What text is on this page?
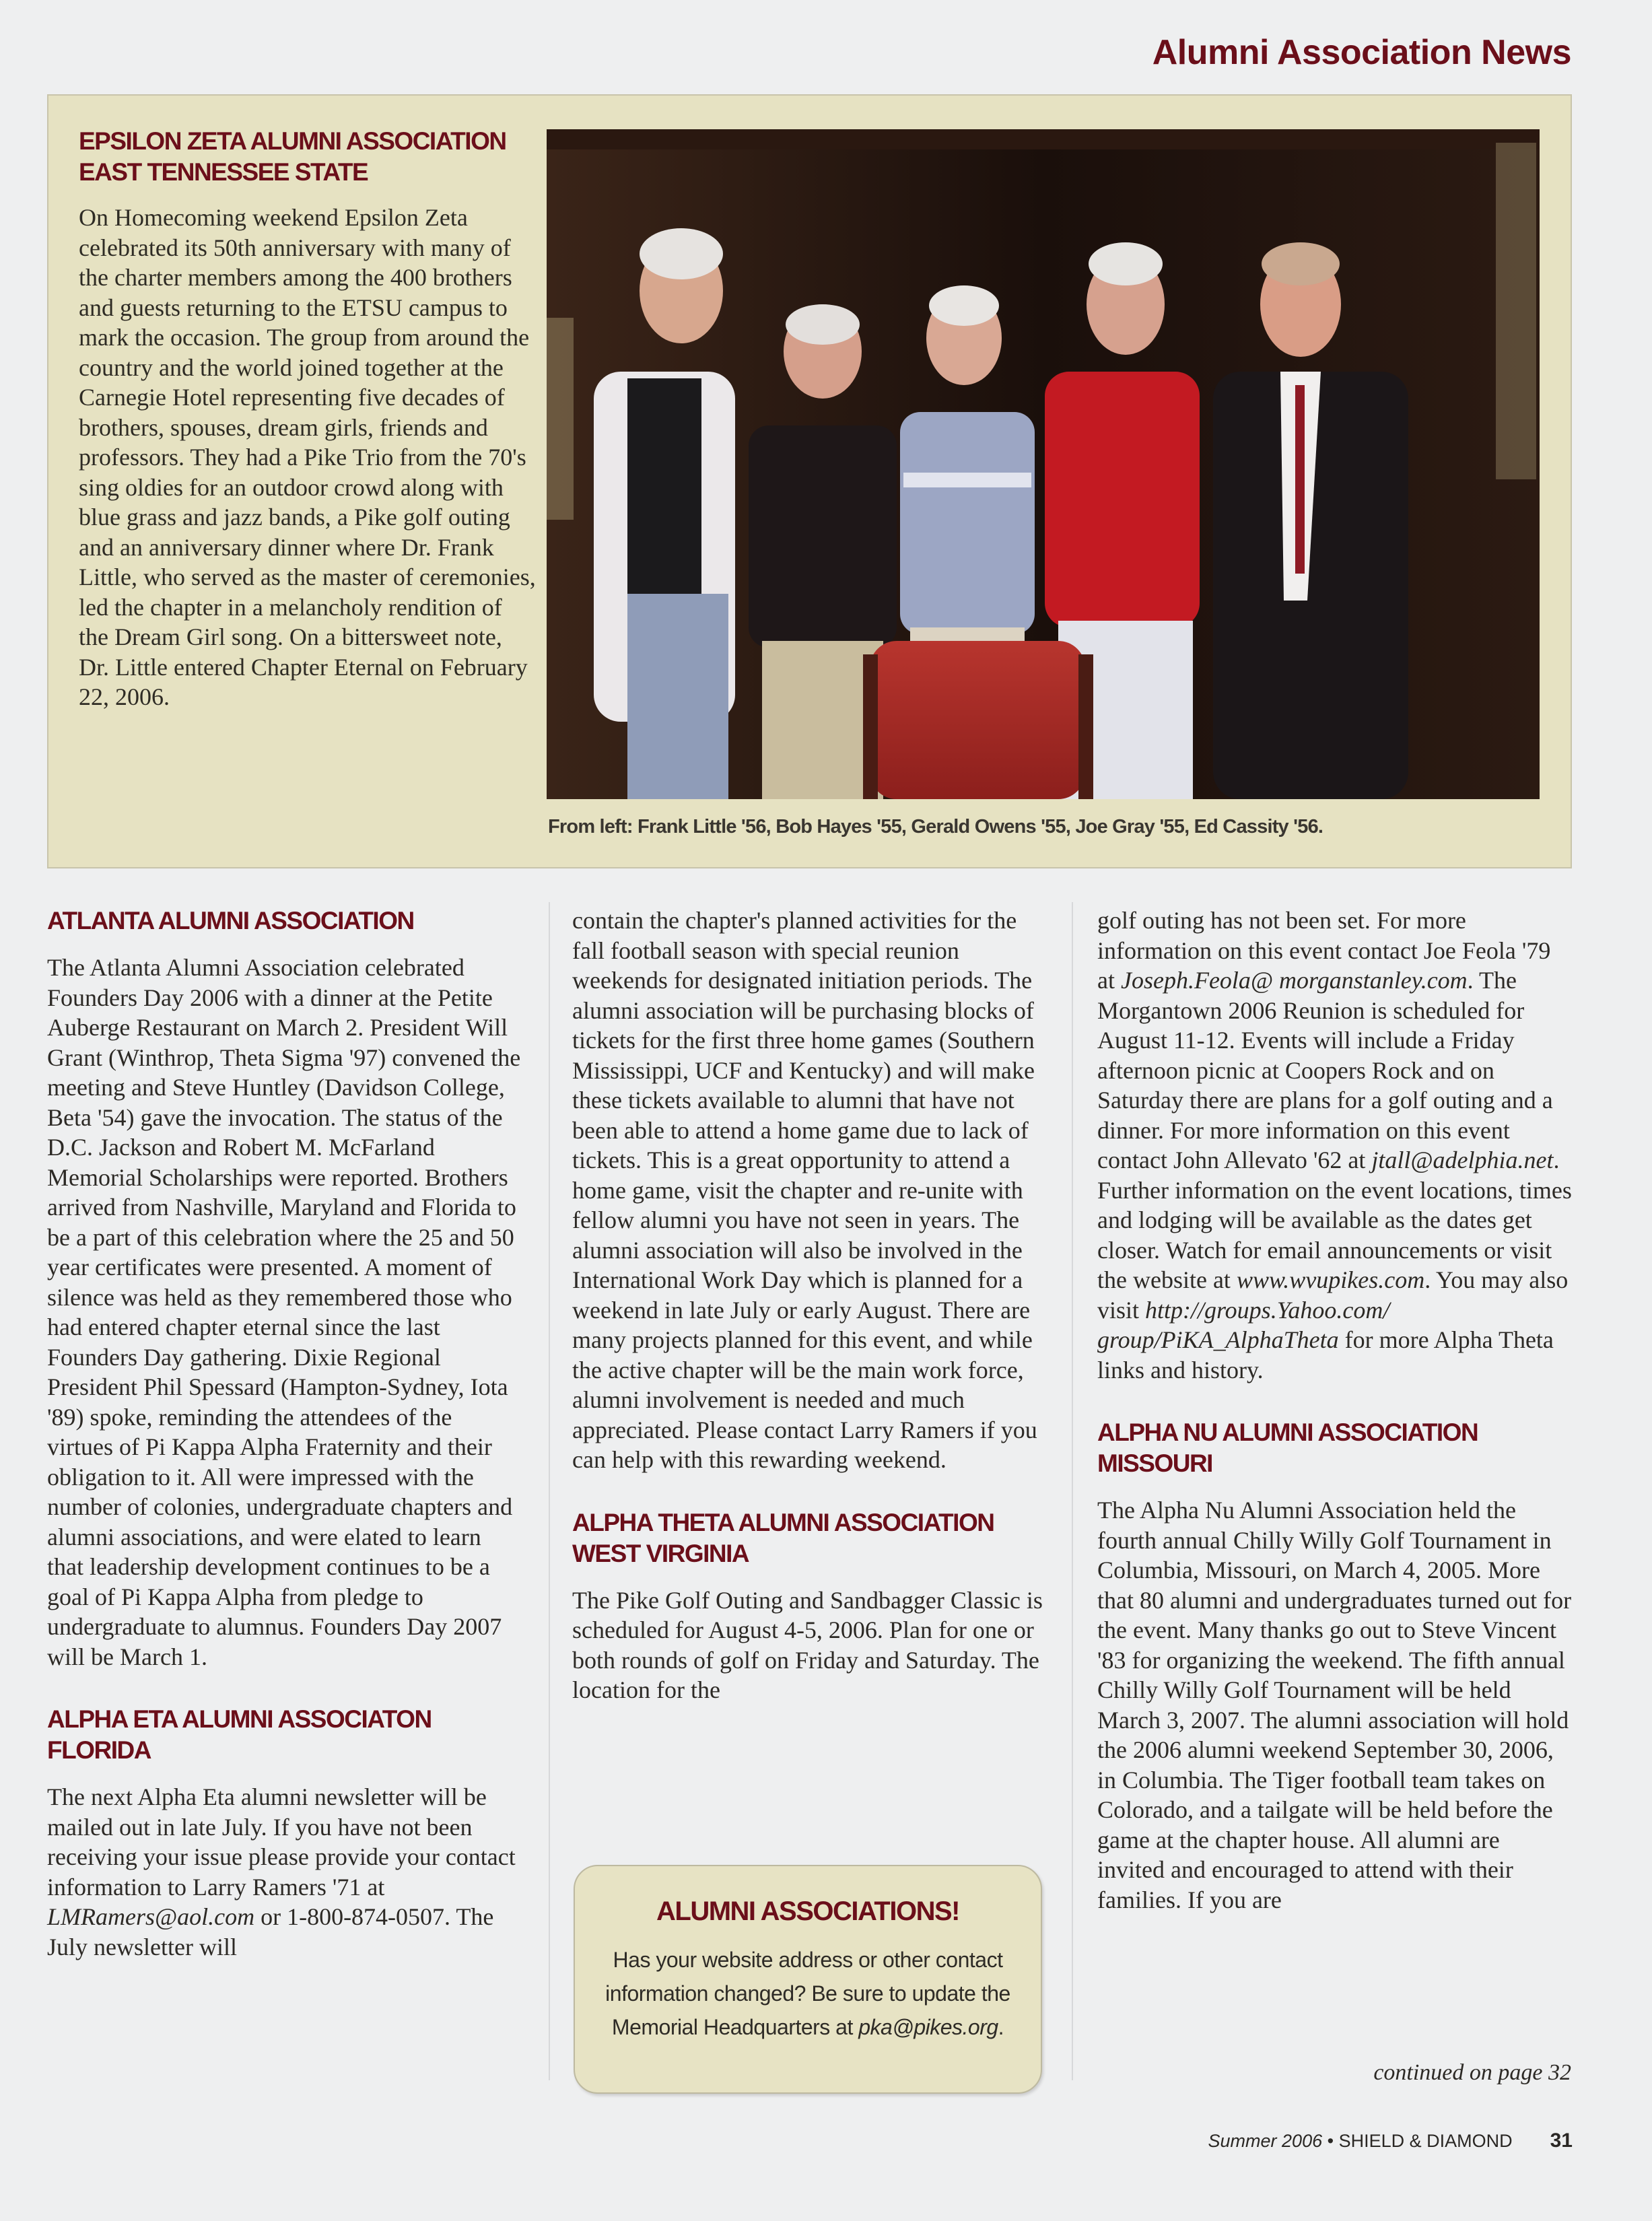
Alumni Association News
EPSILON ZETA ALUMNI ASSOCIATION
EAST TENNESSEE STATE
On Homecoming weekend Epsilon Zeta celebrated its 50th anniversary with many of the charter members among the 400 brothers and guests returning to the ETSU campus to mark the occasion. The group from around the country and the world joined together at the Carnegie Hotel representing five decades of brothers, spouses, dream girls, friends and professors. They had a Pike Trio from the 70's sing oldies for an outdoor crowd along with blue grass and jazz bands, a Pike golf outing and an anniversary dinner where Dr. Frank Little, who served as the master of ceremonies, led the chapter in a melancholy rendition of the Dream Girl song. On a bittersweet note, Dr. Little entered Chapter Eternal on February 22, 2006.
From left: Frank Little '56, Bob Hayes '55, Gerald Owens '55, Joe Gray '55, Ed Cassity '56.
ATLANTA ALUMNI ASSOCIATION
The Atlanta Alumni Association celebrated Founders Day 2006 with a dinner at the Petite Auberge Restaurant on March 2. President Will Grant (Winthrop, Theta Sigma '97) convened the meeting and Steve Huntley (Davidson College, Beta '54) gave the invocation. The status of the D.C. Jackson and Robert M. McFarland Memorial Scholarships were reported. Brothers arrived from Nashville, Maryland and Florida to be a part of this celebration where the 25 and 50 year certificates were presented. A moment of silence was held as they remembered those who had entered chapter eternal since the last Founders Day gathering. Dixie Regional President Phil Spessard (Hampton-Sydney, Iota '89) spoke, reminding the attendees of the virtues of Pi Kappa Alpha Fraternity and their obligation to it. All were impressed with the number of colonies, undergraduate chapters and alumni associations, and were elated to learn that leadership development continues to be a goal of Pi Kappa Alpha from pledge to undergraduate to alumnus. Founders Day 2007 will be March 1.
ALPHA ETA ALUMNI ASSOCIATON
FLORIDA
The next Alpha Eta alumni newsletter will be mailed out in late July. If you have not been receiving your issue please provide your contact information to Larry Ramers '71 at LMRamers@aol.com or 1-800-874-0507. The July newsletter will
contain the chapter's planned activities for the fall football season with special reunion weekends for designated initiation periods. The alumni association will be purchasing blocks of tickets for the first three home games (Southern Mississippi, UCF and Kentucky) and will make these tickets available to alumni that have not been able to attend a home game due to lack of tickets. This is a great opportunity to attend a home game, visit the chapter and re-unite with fellow alumni you have not seen in years. The alumni association will also be involved in the International Work Day which is planned for a weekend in late July or early August. There are many projects planned for this event, and while the active chapter will be the main work force, alumni involvement is needed and much appreciated. Please contact Larry Ramers if you can help with this rewarding weekend.
ALPHA THETA ALUMNI ASSOCIATION
WEST VIRGINIA
The Pike Golf Outing and Sandbagger Classic is scheduled for August 4-5, 2006. Plan for one or both rounds of golf on Friday and Saturday. The location for the
ALUMNI ASSOCIATIONS!
Has your website address or other contact information changed? Be sure to update the Memorial Headquarters at pka@pikes.org.
golf outing has not been set. For more information on this event contact Joe Feola '79 at Joseph.Feola@ morganstanley.com. The Morgantown 2006 Reunion is scheduled for August 11-12. Events will include a Friday afternoon picnic at Coopers Rock and on Saturday there are plans for a golf outing and a dinner. For more information on this event contact John Allevato '62 at jtall@adelphia.net. Further information on the event locations, times and lodging will be available as the dates get closer. Watch for email announcements or visit the website at www.wvupikes.com. You may also visit http://groups.Yahoo.com/ group/PiKA_AlphaTheta for more Alpha Theta links and history.
ALPHA NU ALUMNI ASSOCIATION
MISSOURI
The Alpha Nu Alumni Association held the fourth annual Chilly Willy Golf Tournament in Columbia, Missouri, on March 4, 2005. More that 80 alumni and undergraduates turned out for the event. Many thanks go out to Steve Vincent '83 for organizing the weekend. The fifth annual Chilly Willy Golf Tournament will be held March 3, 2007. The alumni association will hold the 2006 alumni weekend September 30, 2006, in Columbia. The Tiger football team takes on Colorado, and a tailgate will be held before the game at the chapter house. All alumni are invited and encouraged to attend with their families. If you are
continued on page 32
Summer 2006 • SHIELD & DIAMOND 31
